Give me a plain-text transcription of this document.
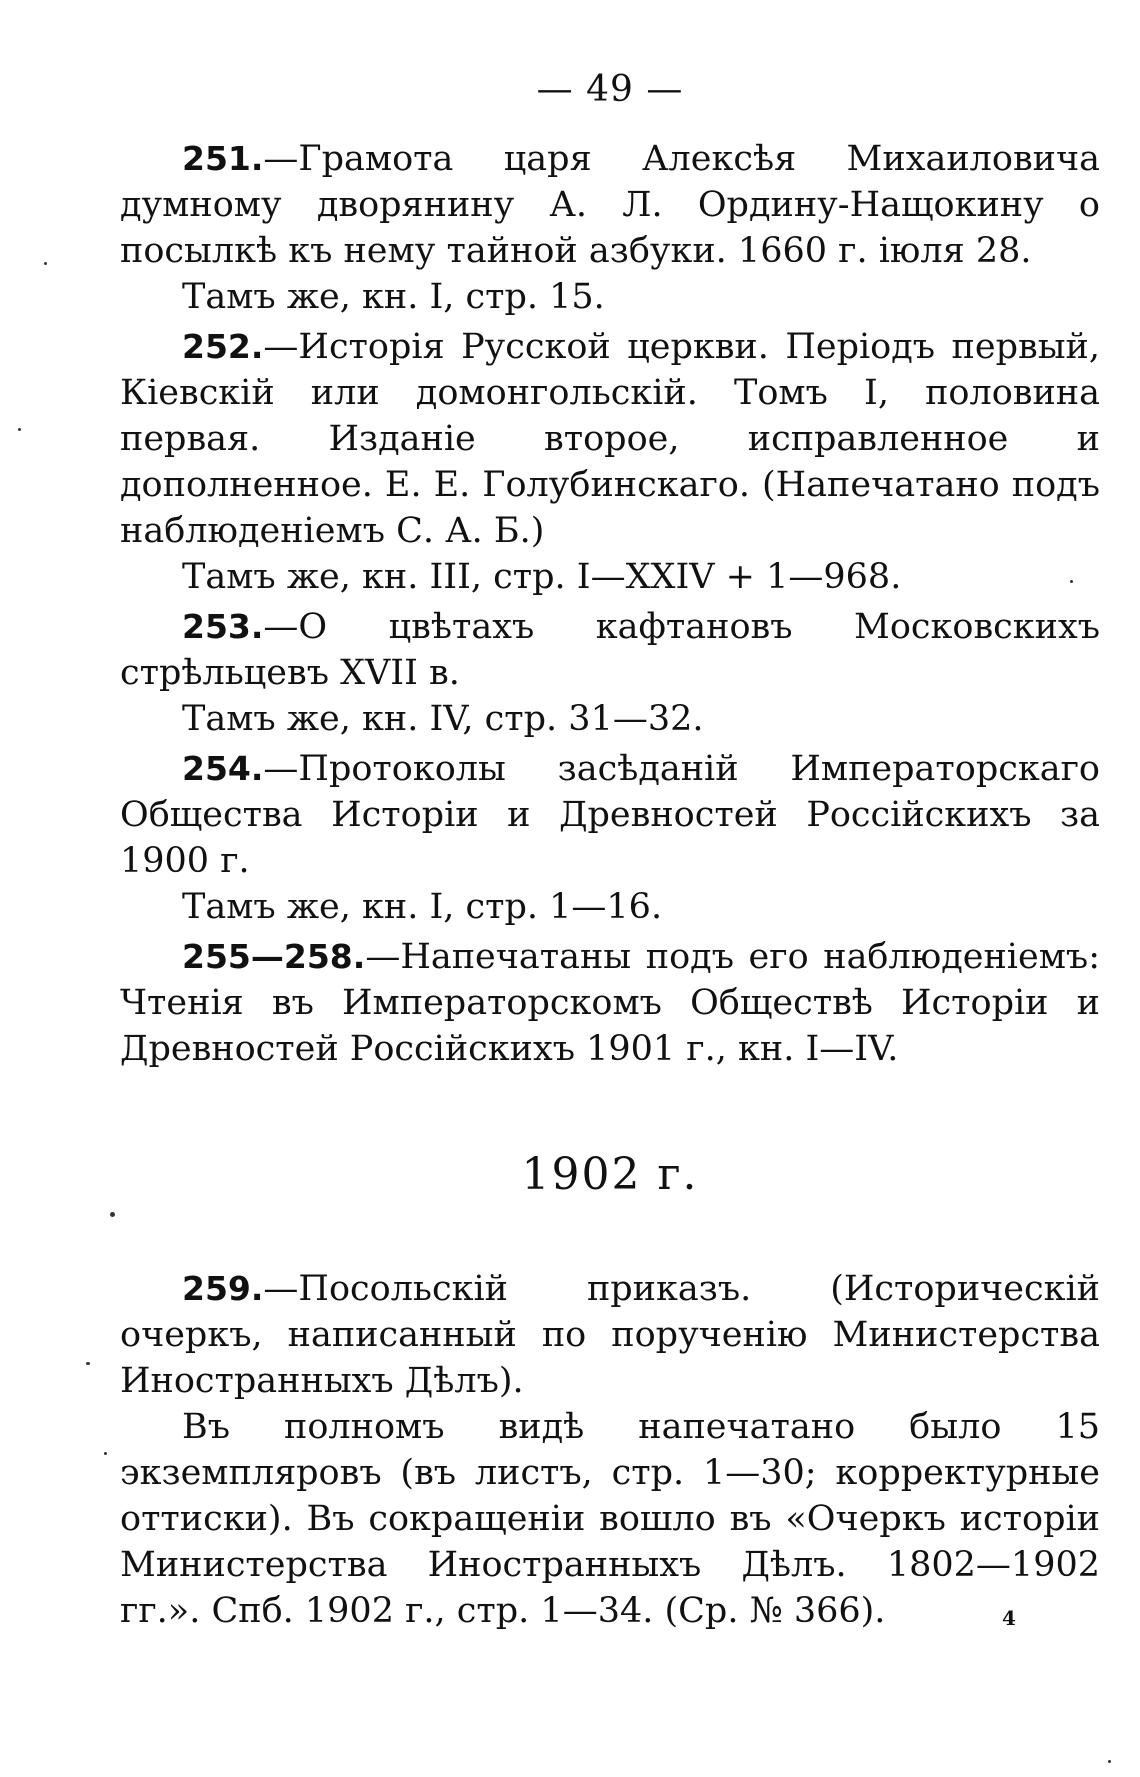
— 49 —

251.—Грамота царя Алексѣя Михаиловича думному дворянину А. Л. Ордину-Нащокину о посылкѣ къ нему тайной азбуки. 1660 г. іюля 28.

Тамъ же, кн. I, стр. 15.

252.—Исторія Русской церкви. Періодъ первый, Кіевскій или домонгольскій. Томъ I, половина первая. Изданіе второе, исправленное и дополненное. Е. Е. Голубинскаго. (Напечатано подъ наблюденіемъ С. А. Б.)

Тамъ же, кн. III, стр. I—XXIV + 1—968.

253.—О цвѣтахъ кафтановъ Московскихъ стрѣльцевъ XVII в.

Тамъ же, кн. IV, стр. 31—32.

254.—Протоколы засѣданій Императорскаго Общества Исторіи и Древностей Россійскихъ за 1900 г.

Тамъ же, кн. I, стр. 1—16.

255—258.—Напечатаны подъ его наблюденіемъ: Чтенія въ Императорскомъ Обществѣ Исторіи и Древностей Россійскихъ 1901 г., кн. I—IV.

1902 г.

259.—Посольскій приказъ. (Историческій очеркъ, написанный по порученію Министерства Иностранныхъ Дѣлъ).

Въ полномъ видѣ напечатано было 15 экземпляровъ (въ листъ, стр. 1—30; корректурные оттиски). Въ сокращеніи вошло въ «Очеркъ исторіи Министерства Иностранныхъ Дѣлъ. 1802—1902 гг.». Спб. 1902 г., стр. 1—34. (Ср. № 366).	4
